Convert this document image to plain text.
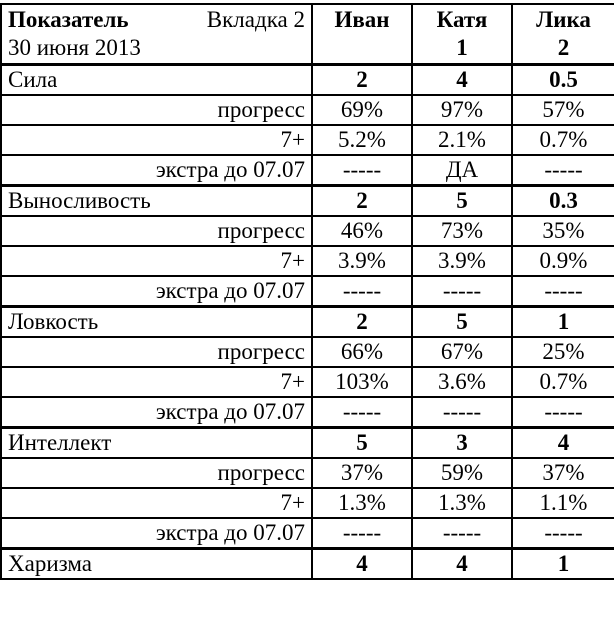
Показатель Вкладка 2	Иван	Катя	Лика
30 июня 2013		1	2
Сила	2	4	0.5
прогресс	69%	97%	57%
7+	5.2%	2.1%	0.7%
экстра до 07.07	-----	ДА	-----
Выносливость	2	5	0.3
прогресс	46%	73%	35%
7+	3.9%	3.9%	0.9%
экстра до 07.07	-----	-----	-----
Ловкость	2	5	1
прогресс	66%	67%	25%
7+	103%	3.6%	0.7%
экстра до 07.07	-----	-----	-----
Интеллект	5	3	4
прогресс	37%	59%	37%
7+	1.3%	1.3%	1.1%
экстра до 07.07	-----	-----	-----
Харизма	4	4	1
